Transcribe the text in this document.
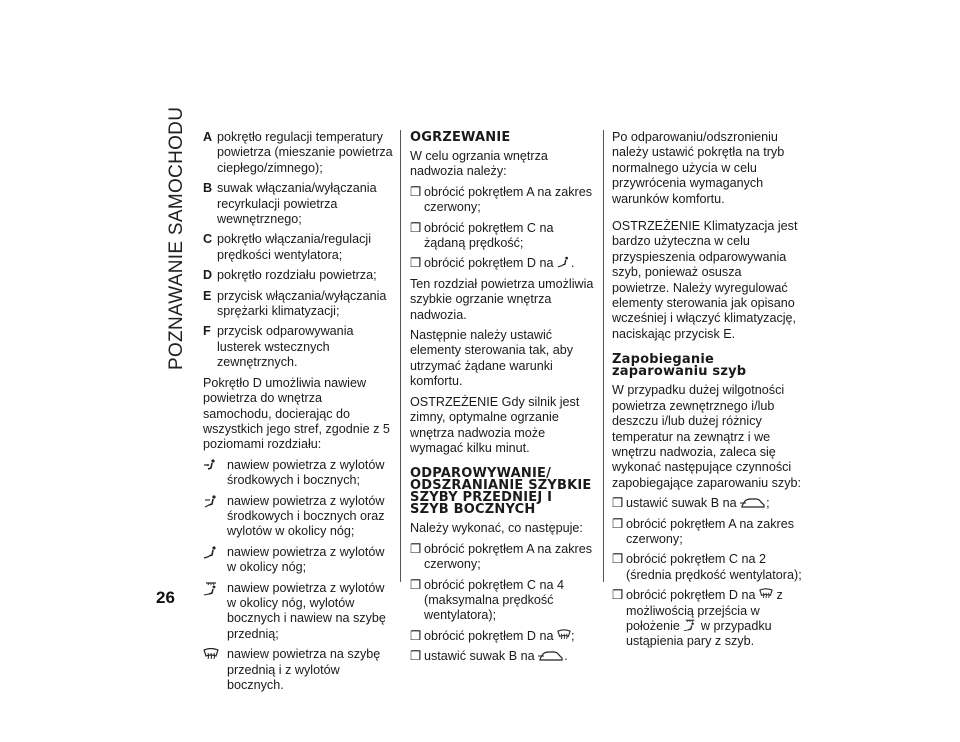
POZNAWANIE SAMOCHODU
26
A pokrętło regulacji temperatury powietrza (mieszanie powietrza ciepłego/zimnego);
B suwak włączania/wyłączania recyrkulacji powietrza wewnętrznego;
C pokrętło włączania/regulacji prędkości wentylatora;
D pokrętło rozdziału powietrza;
E przycisk włączania/wyłączania sprężarki klimatyzacji;
F przycisk odparowywania lusterek wstecznych zewnętrznych.

Pokrętło D umożliwia nawiew powietrza do wnętrza samochodu, docierając do wszystkich jego stref, zgodnie z 5 poziomami rozdziału:

nawiew powietrza z wylotów środkowych i bocznych;
nawiew powietrza z wylotów środkowych i bocznych oraz wylotów w okolicy nóg;
nawiew powietrza z wylotów w okolicy nóg;
nawiew powietrza z wylotów w okolicy nóg, wylotów bocznych i nawiew na szybę przednią;
nawiew powietrza na szybę przednią i z wylotów bocznych.
OGRZEWANIE

W celu ogrzania wnętrza nadwozia należy:

❒ obrócić pokrętłem A na zakres czerwony;
❒ obrócić pokrętłem C na żądaną prędkość;
❒ obrócić pokrętłem D na .

Ten rozdział powietrza umożliwia szybkie ogrzanie wnętrza nadwozia.

Następnie należy ustawić elementy sterowania tak, aby utrzymać żądane warunki komfortu.

OSTRZEŻENIE Gdy silnik jest zimny, optymalne ogrzanie wnętrza nadwozia może wymagać kilku minut.

ODPAROWYWANIE/ ODSZRANIANIE SZYBKIE SZYBY PRZEDNIEJ I SZYB BOCZNYCH

Należy wykonać, co następuje:

❒ obrócić pokrętłem A na zakres czerwony;
❒ obrócić pokrętłem C na 4 (maksymalna prędkość wentylatora);
❒ obrócić pokrętłem D na ;
❒ ustawić suwak B na .

Po odparowaniu/odszronieniu należy ustawić pokrętła na tryb normalnego użycia w celu przywrócenia wymaganych warunków komfortu.

OSTRZEŻENIE Klimatyzacja jest bardzo użyteczna w celu przyspieszenia odparowywania szyb, ponieważ osusza powietrze. Należy wyregulować elementy sterowania jak opisano wcześniej i włączyć klimatyzację, naciskając przycisk E.

Zapobieganie zaparowaniu szyb

W przypadku dużej wilgotności powietrza zewnętrznego i/lub deszczu i/lub dużej różnicy temperatur na zewnątrz i we wnętrzu nadwozia, zaleca się wykonać następujące czynności zapobiegające zaparowaniu szyb:

❒ ustawić suwak B na ;
❒ obrócić pokrętłem A na zakres czerwony;
❒ obrócić pokrętłem C na 2 (średnia prędkość wentylatora);
❒ obrócić pokrętłem D na z możliwością przejścia w położenie w przypadku ustąpienia pary z szyb.
